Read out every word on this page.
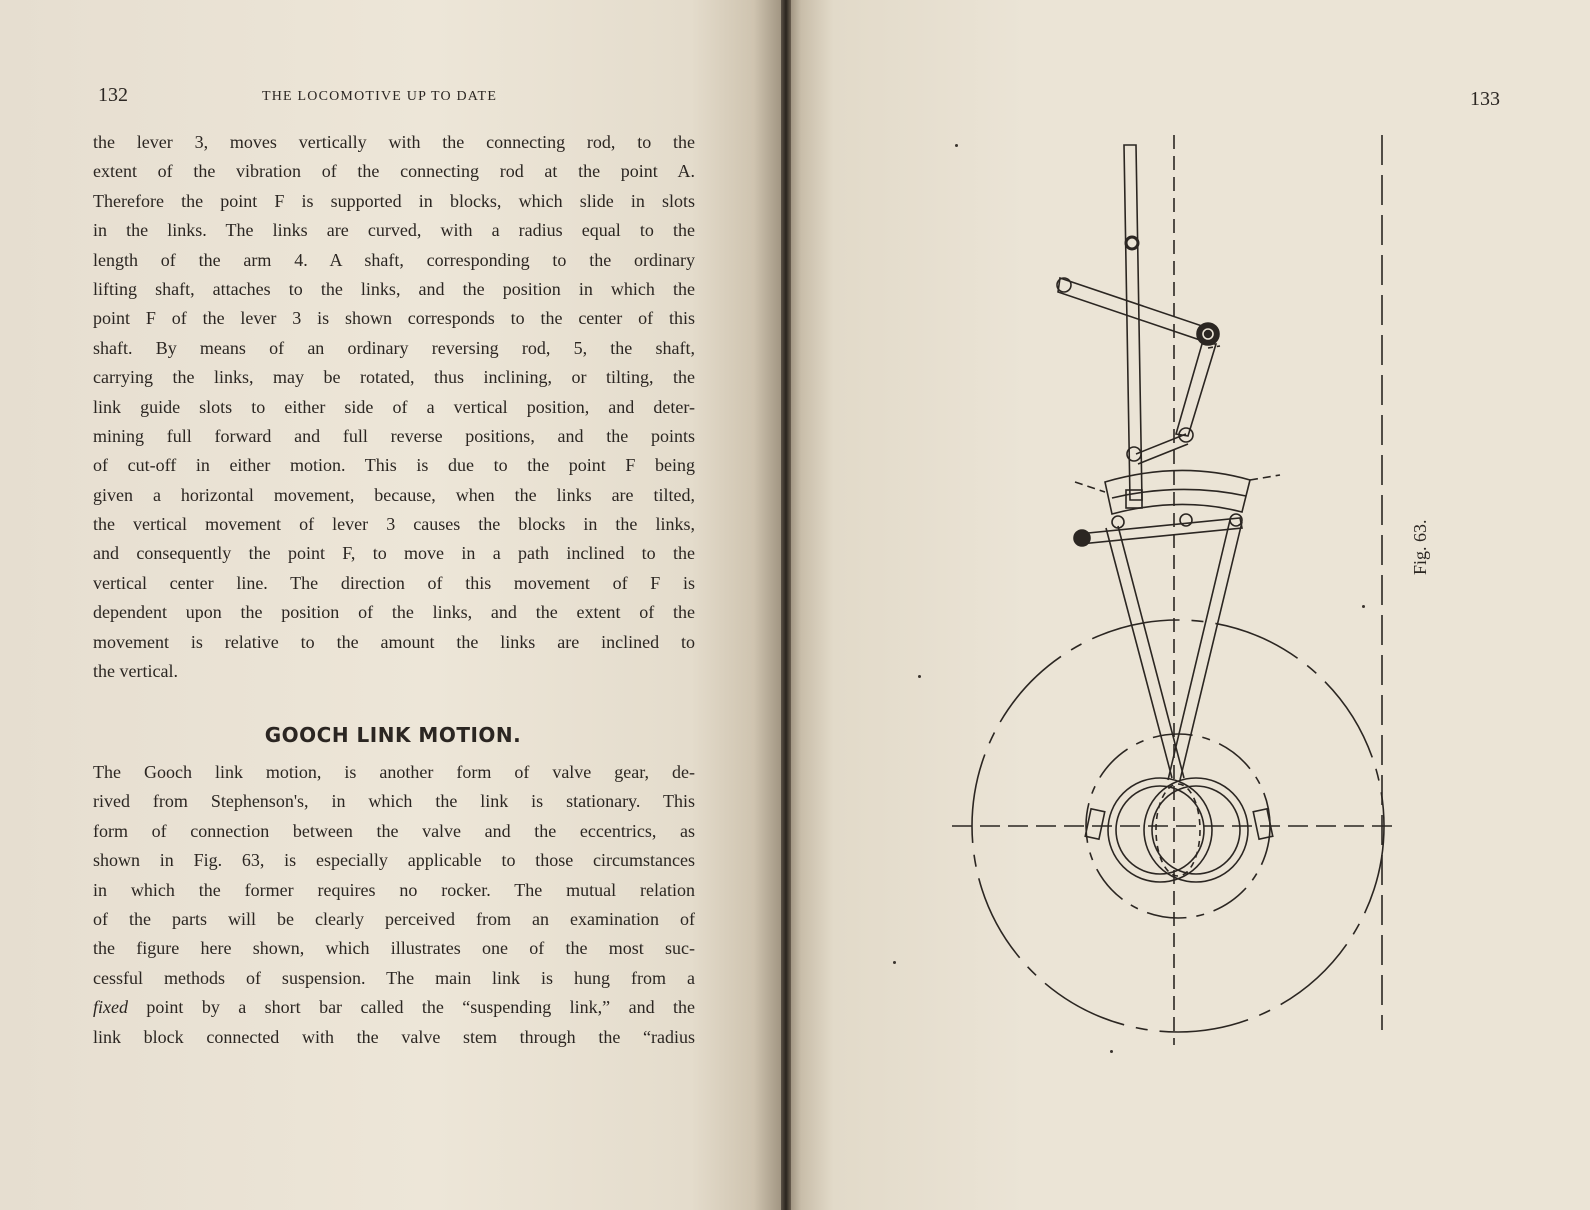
132	THE LOCOMOTIVE UP TO DATE	133
the lever 3, moves vertically with the connecting rod, to the
extent of the vibration of the connecting rod at the point A.
Therefore the point F is supported in blocks, which slide in slots
in the links. The links are curved, with a radius equal to the
length of the arm 4. A shaft, corresponding to the ordinary
lifting shaft, attaches to the links, and the position in which the
point F of the lever 3 is shown corresponds to the center of this
shaft. By means of an ordinary reversing rod, 5, the shaft,
carrying the links, may be rotated, thus inclining, or tilting, the
link guide slots to either side of a vertical position, and deter-
mining full forward and full reverse positions, and the points
of cut-off in either motion. This is due to the point F being
given a horizontal movement, because, when the links are tilted,
the vertical movement of lever 3 causes the blocks in the links,
and consequently the point F, to move in a path inclined to the
vertical center line. The direction of this movement of F is
dependent upon the position of the links, and the extent of the
movement is relative to the amount the links are inclined to
the vertical.
GOOCH LINK MOTION.
The Gooch link motion, is another form of valve gear, de-
rived from Stephenson's, in which the link is stationary. This
form of connection between the valve and the eccentrics, as
shown in Fig. 63, is especially applicable to those circumstances
in which the former requires no rocker. The mutual relation
of the parts will be clearly perceived from an examination of
the figure here shown, which illustrates one of the most suc-
cessful methods of suspension. The main link is hung from a
fixed point by a short bar called the “suspending link,” and the
link block connected with the valve stem through the “radius
Fig. 63.
